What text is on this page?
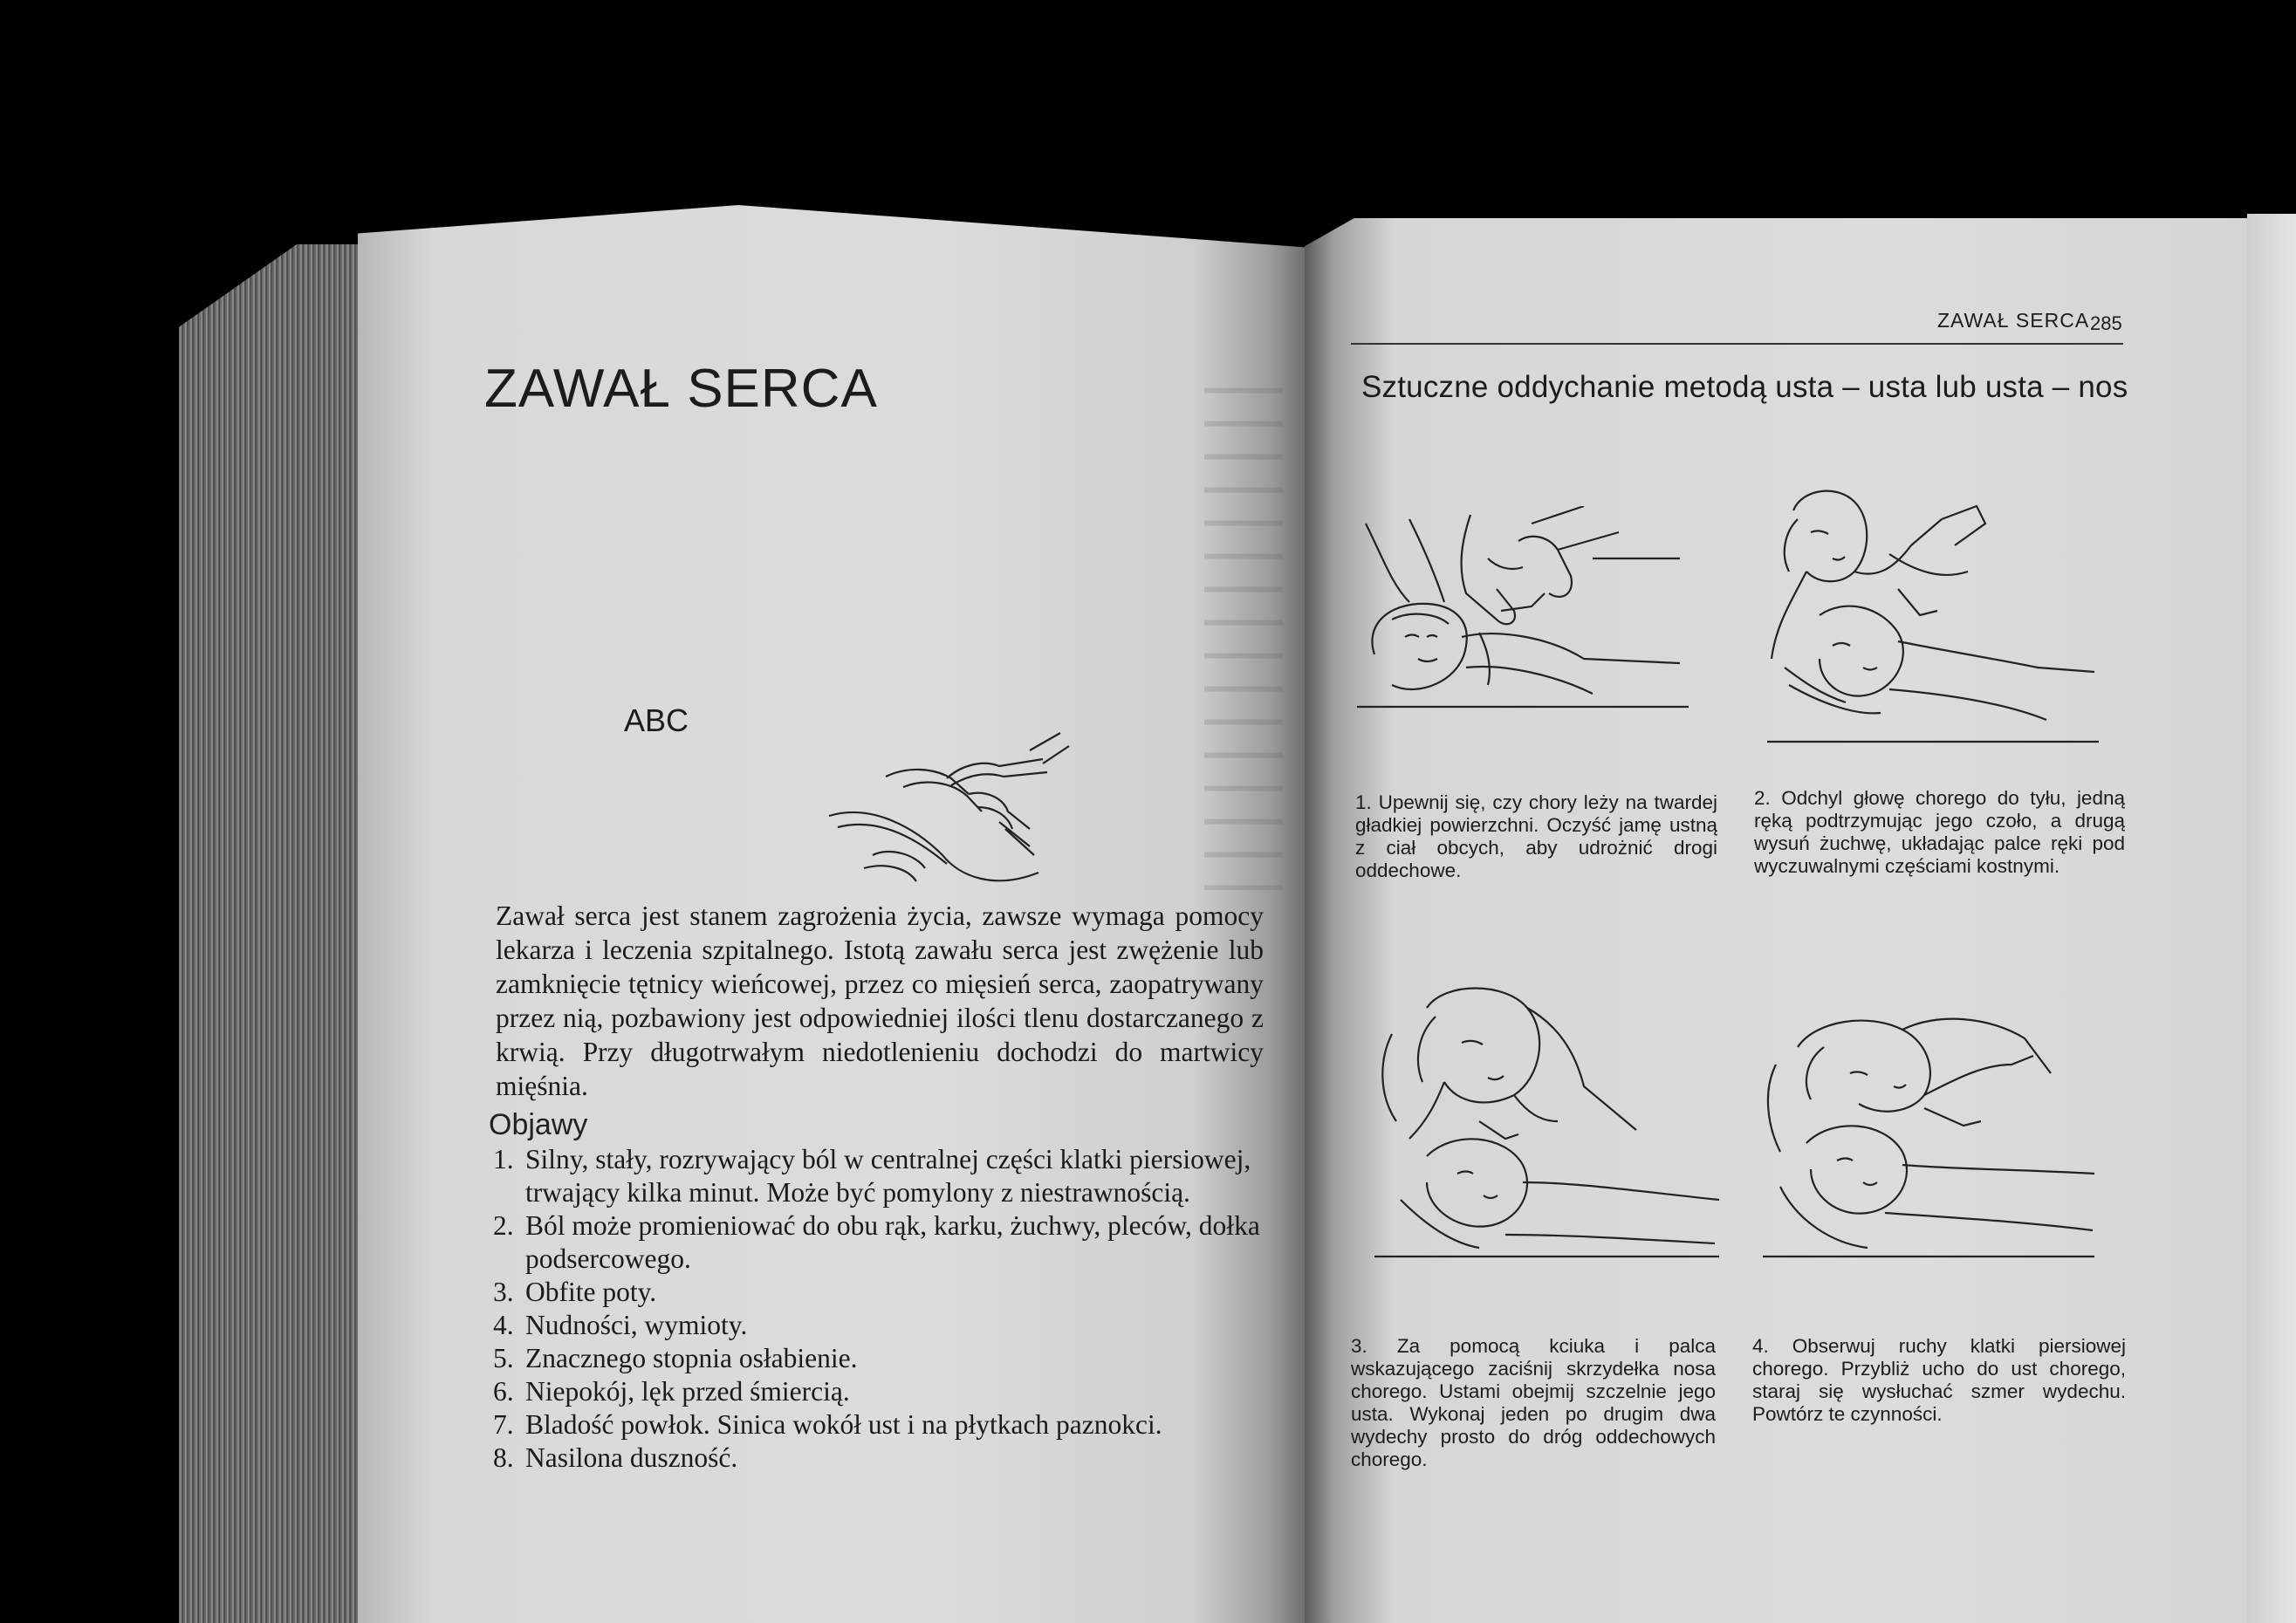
ZAWAŁ SERCA
ABC
Zawał serca jest stanem zagrożenia życia, zawsze wymaga pomocy lekarza i leczenia szpitalnego. Istotą zawału serca jest zwężenie lub zamknięcie tętnicy wieńcowej, przez co mięsień serca, zaopatrywany przez nią, pozbawiony jest odpowiedniej ilości tlenu dostarczanego z krwią. Przy długotrwałym niedotlenieniu dochodzi do martwicy mięśnia.
Objawy
1. Silny, stały, rozrywający ból w centralnej części klatki piersiowej, trwający kilka minut. Może być pomylony z niestrawnością.
2. Ból może promieniować do obu rąk, karku, żuchwy, pleców, dołka podsercowego.
3. Obfite poty.
4. Nudności, wymioty.
5. Znacznego stopnia osłabienie.
6. Niepokój, lęk przed śmiercią.
7. Bladość powłok. Sinica wokół ust i na płytkach paznokci.
8. Nasilona duszność.
ZAWAŁ SERCA 285
Sztuczne oddychanie metodą usta – usta lub usta – nos
1. Upewnij się, czy chory leży na twardej gładkiej powierzchni. Oczyść jamę ustną z ciał obcych, aby udrożnić drogi oddechowe.
2. Odchyl głowę chorego do tyłu, jedną ręką podtrzymując jego czoło, a drugą wysuń żuchwę, układając palce ręki pod wyczuwalnymi częściami kostnymi.
3. Za pomocą kciuka i palca wskazującego zaciśnij skrzydełka nosa chorego. Ustami obejmij szczelnie jego usta. Wykonaj jeden po drugim dwa wydechy prosto do dróg oddechowych chorego.
4. Obserwuj ruchy klatki piersiowej chorego. Przybliż ucho do ust chorego, staraj się wysłuchać szmer wydechu. Powtórz te czynności.
